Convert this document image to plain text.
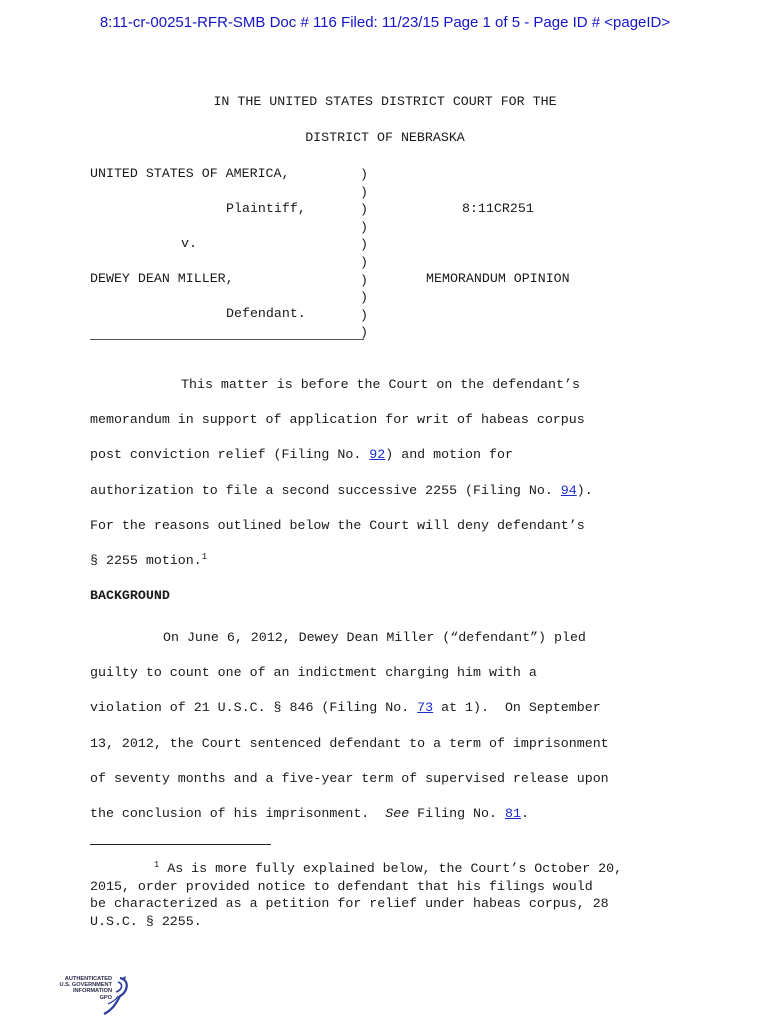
8:11-cr-00251-RFR-SMB Doc # 116 Filed: 11/23/15 Page 1 of 5 - Page ID # <pageID>
IN THE UNITED STATES DISTRICT COURT FOR THE
DISTRICT OF NEBRASKA
UNITED STATES OF AMERICA,
Plaintiff,
v.
DEWEY DEAN MILLER,
Defendant.
)
)
)
)
)
)
)
)
)
)
8:11CR251
MEMORANDUM OPINION
This matter is before the Court on the defendant’s
memorandum in support of application for writ of habeas corpus
post conviction relief (Filing No. 92) and motion for
authorization to file a second successive 2255 (Filing No. 94).
For the reasons outlined below the Court will deny defendant’s
§ 2255 motion.$^1$
BACKGROUND
On June 6, 2012, Dewey Dean Miller (“defendant”) pled
guilty to count one of an indictment charging him with a
violation of 21 U.S.C. § 846 (Filing No. 73 at 1).  On September
13, 2012, the Court sentenced defendant to a term of imprisonment
of seventy months and a five-year term of supervised release upon
the conclusion of his imprisonment.  See Filing No. 81.
$^1$ As is more fully explained below, the Court’s October 20,
2015, order provided notice to defendant that his filings would
be characterized as a petition for relief under habeas corpus, 28
U.S.C. § 2255.
AUTHENTICATED
U.S. GOVERNMENT
INFORMATION
GPO
